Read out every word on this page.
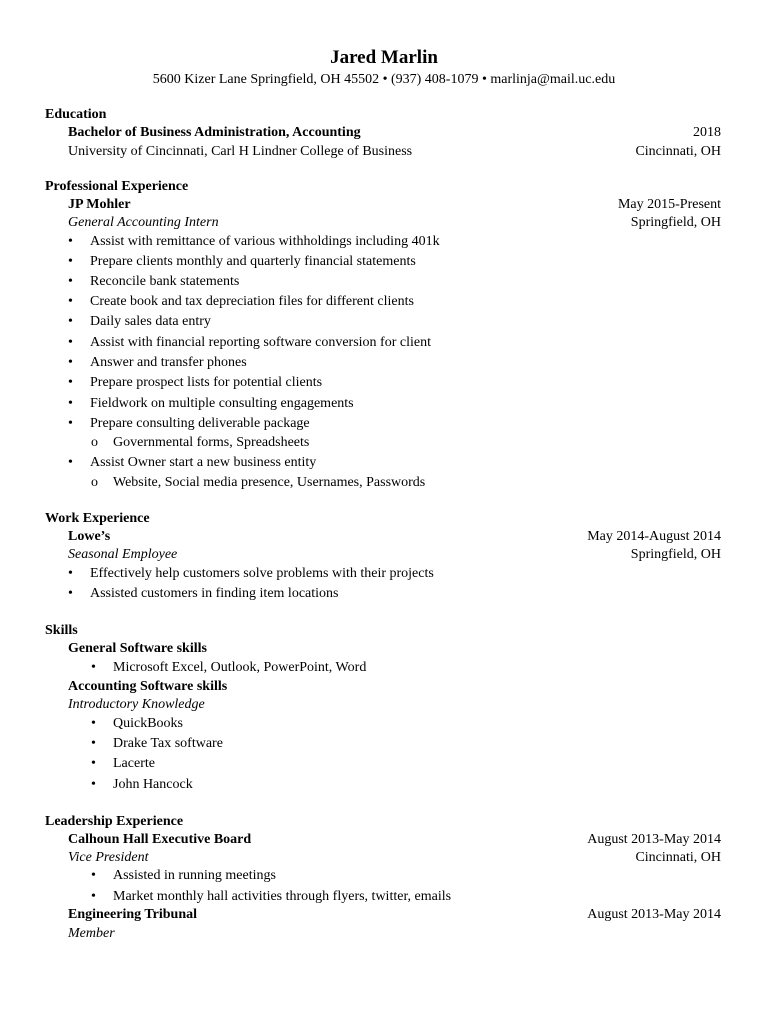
Jared Marlin
5600 Kizer Lane Springfield, OH 45502 • (937) 408-1079 • marlinja@mail.uc.edu
Education
Bachelor of Business Administration, Accounting	2018
University of Cincinnati, Carl H Lindner College of Business	Cincinnati, OH
Professional Experience
JP Mohler	May 2015-Present
General Accounting Intern	Springfield, OH
• Assist with remittance of various withholdings including 401k
• Prepare clients monthly and quarterly financial statements
• Reconcile bank statements
• Create book and tax depreciation files for different clients
• Daily sales data entry
• Assist with financial reporting software conversion for client
• Answer and transfer phones
• Prepare prospect lists for potential clients
• Fieldwork on multiple consulting engagements
• Prepare consulting deliverable package
o Governmental forms, Spreadsheets
• Assist Owner start a new business entity
o Website, Social media presence, Usernames, Passwords
Work Experience
Lowe’s	May 2014-August 2014
Seasonal Employee	Springfield, OH
• Effectively help customers solve problems with their projects
• Assisted customers in finding item locations
Skills
General Software skills
• Microsoft Excel, Outlook, PowerPoint, Word
Accounting Software skills
Introductory Knowledge
• QuickBooks
• Drake Tax software
• Lacerte
• John Hancock
Leadership Experience
Calhoun Hall Executive Board	August 2013-May 2014
Vice President	Cincinnati, OH
• Assisted in running meetings
• Market monthly hall activities through flyers, twitter, emails
Engineering Tribunal	August 2013-May 2014
Member
